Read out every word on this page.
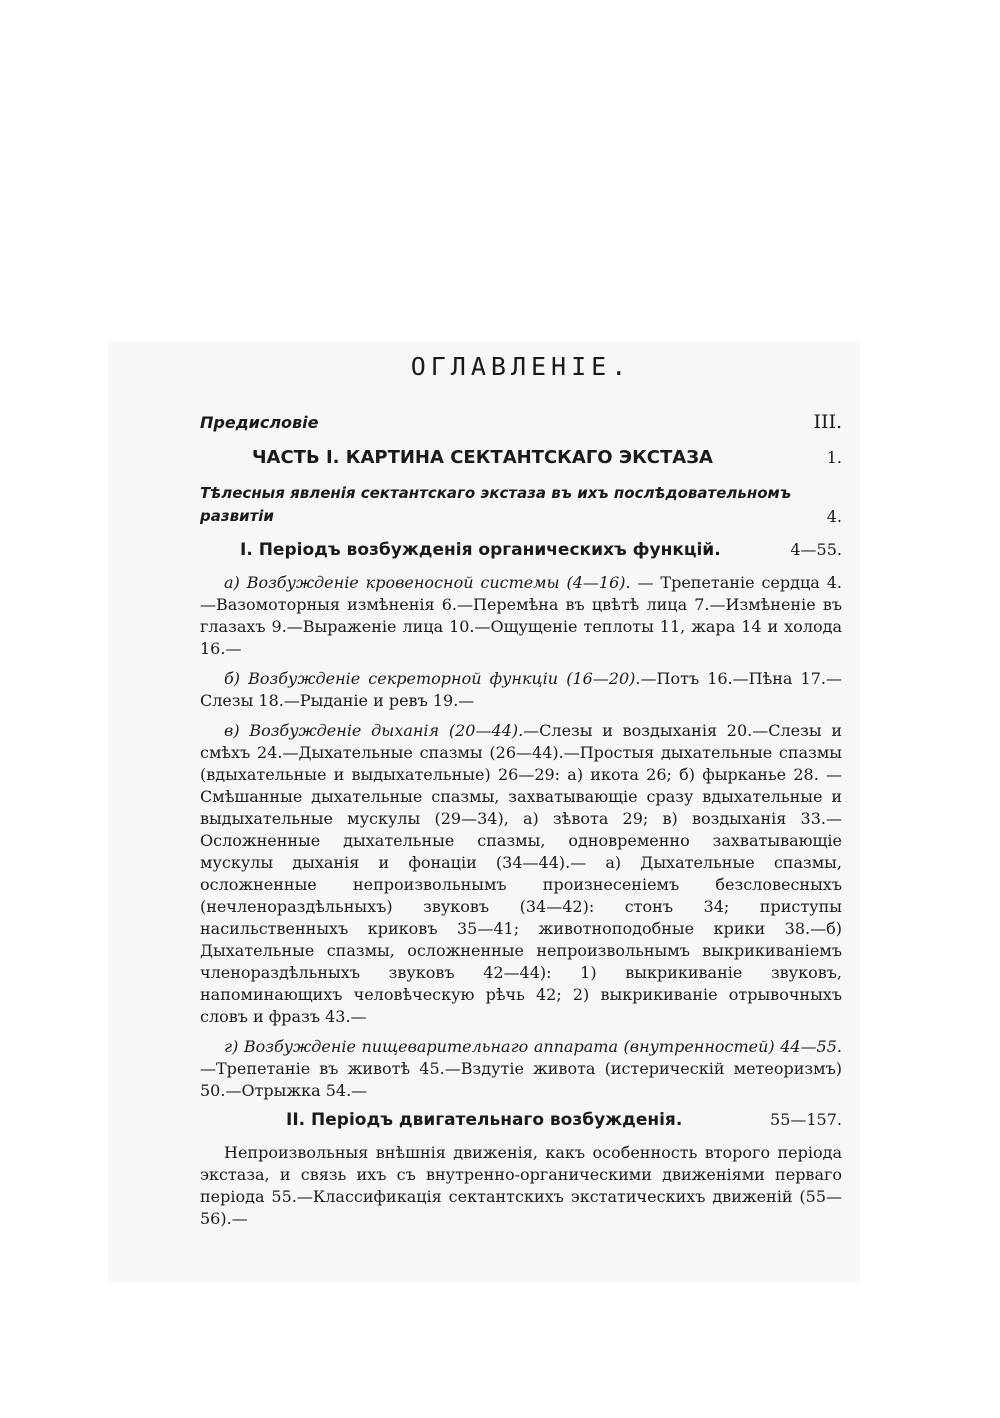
ОГЛАВЛЕНІЕ.
Предисловіе	III.
ЧАСТЬ I. КАРТИНА СЕКТАНТСКАГО ЭКСТАЗА	1.
Тѣлесныя явленія сектантскаго экстаза въ ихъ послѣдовательномъ развитіи	4.
I. Періодъ возбужденія органическихъ функцій.	4—55.

а) Возбужденіе кровеносной системы (4—16). — Трепетаніе сердца 4.—Вазомоторныя измѣненія 6.—Перемѣна въ цвѣтѣ лица 7.—Измѣненіе въ глазахъ 9.—Выраженіе лица 10.—Ощущеніе теплоты 11, жара 14 и холода 16.—

б) Возбужденіе секреторной функціи (16—20).—Потъ 16.—Пѣна 17.—Слезы 18.—Рыданіе и ревъ 19.—

в) Возбужденіе дыханія (20—44).—Слезы и воздыханія 20.—Слезы и смѣхъ 24.—Дыхательные спазмы (26—44).—Простыя дыхательные спазмы (вдыхательные и выдыхательные) 26—29: а) икота 26; б) фырканье 28. — Смѣшанные дыхательные спазмы, захватывающіе сразу вдыхательные и выдыхательные мускулы (29—34), а) зѣвота 29; в) воздыханія 33.—Осложненные дыхательные спазмы, одновременно захватывающіе мускулы дыханія и фонаціи (34—44).— а) Дыхательные спазмы, осложненные непроизвольнымъ произнесеніемъ безсловесныхъ (нечленораздѣльныхъ) звуковъ (34—42): стонъ 34; приступы насильственныхъ криковъ 35—41; животноподобные крики 38.—б) Дыхательные спазмы, осложненные непроизвольнымъ выкрикиваніемъ членораздѣльныхъ звуковъ 42—44): 1) выкрикиваніе звуковъ, напоминающихъ человѣческую рѣчь 42; 2) выкрикиваніе отрывочныхъ словъ и фразъ 43.—

г) Возбужденіе пищеварительнаго аппарата (внутренностей) 44—55.—Трепетаніе въ животѣ 45.—Вздутіе живота (истерическій метеоризмъ) 50.—Отрыжка 54.—

II. Періодъ двигательнаго возбужденія.	55—157.

Непроизвольныя внѣшнія движенія, какъ особенность второго періода экстаза, и связь ихъ съ внутренно-органическими движеніями перваго періода 55.—Классификація сектантскихъ экстатическихъ движеній (55—56).—
